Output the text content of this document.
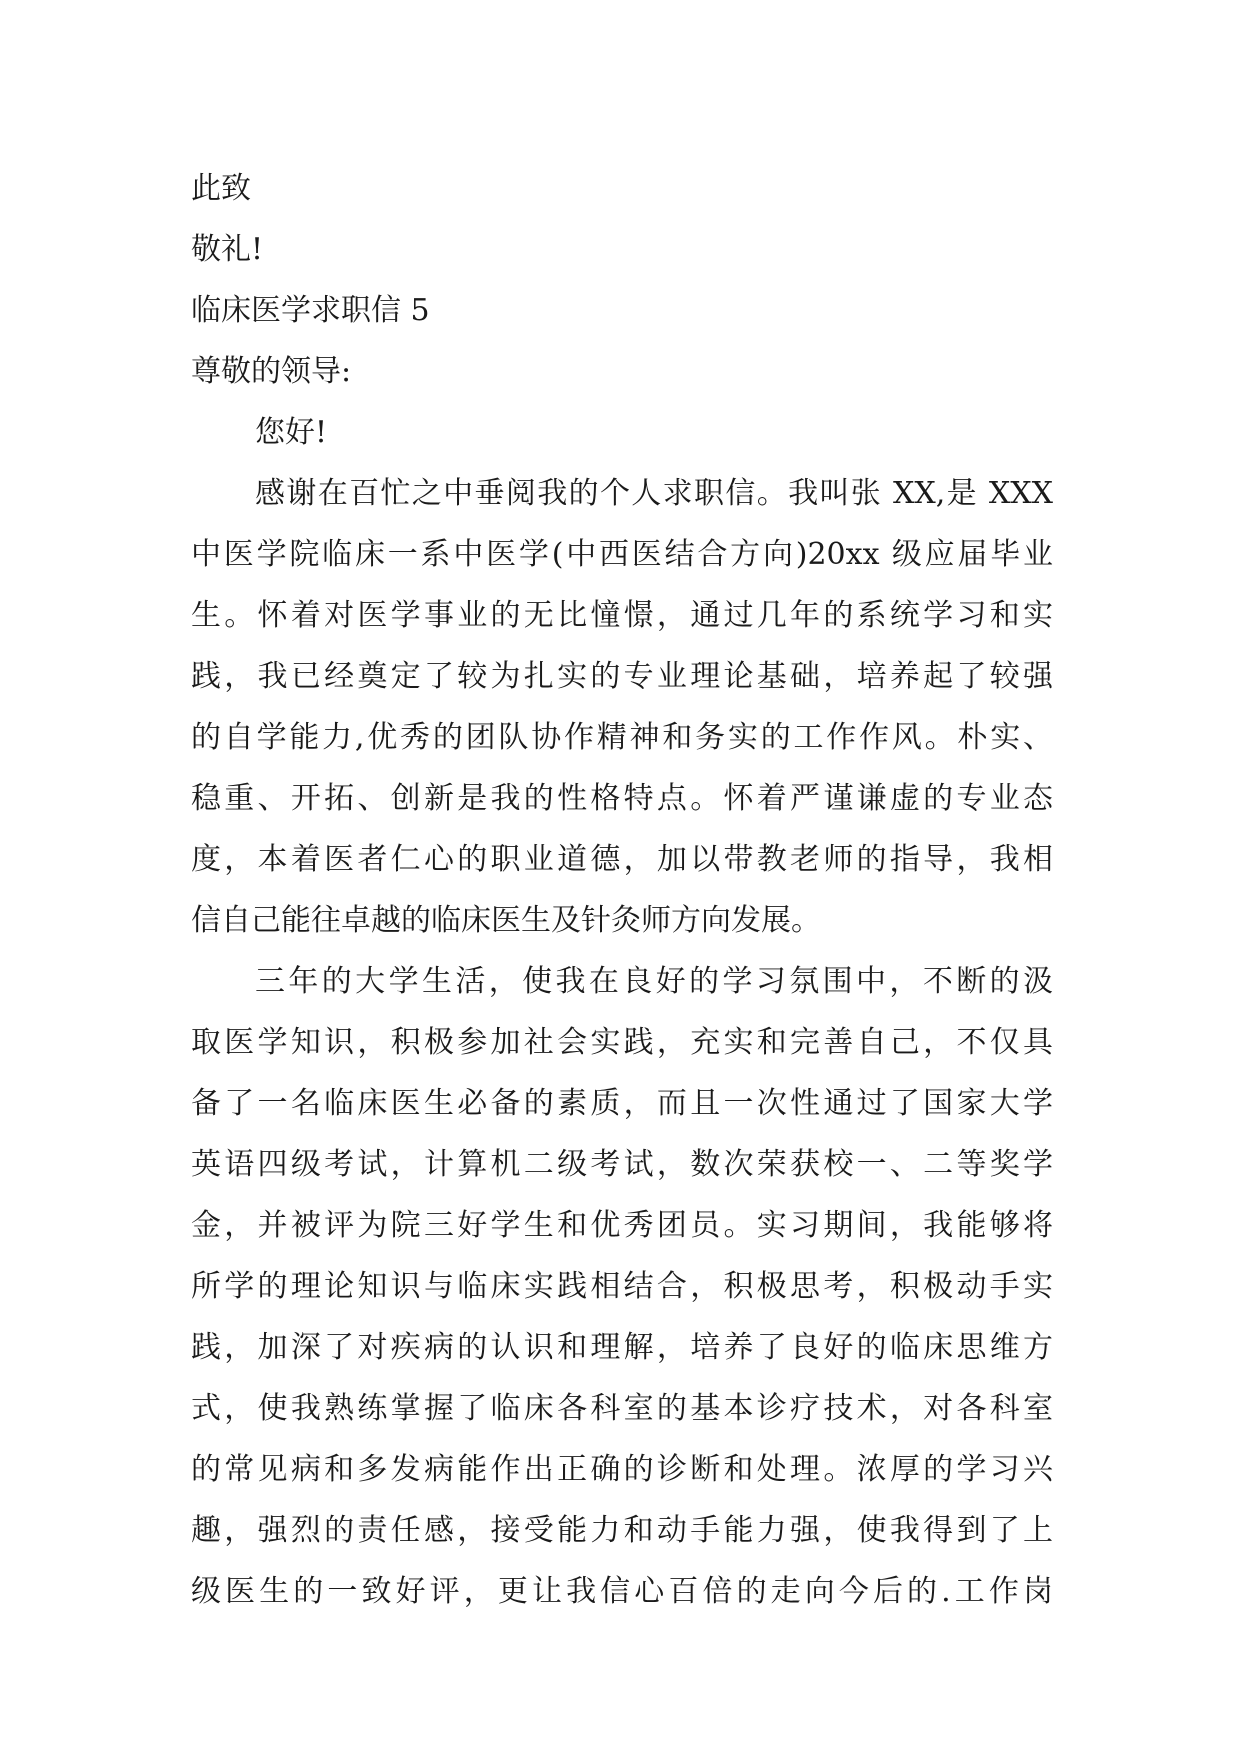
此致
敬礼!
临床医学求职信 5
尊敬的领导:
您好!
感谢在百忙之中垂阅我的个人求职信。我叫张 XX,是 XXX
中医学院临床一系中医学(中西医结合方向)20xx 级应届毕业
生。怀着对医学事业的无比憧憬，通过几年的系统学习和实
践，我已经奠定了较为扎实的专业理论基础，培养起了较强
的自学能力,优秀的团队协作精神和务实的工作作风。朴实、
稳重、开拓、创新是我的性格特点。怀着严谨谦虚的专业态
度，本着医者仁心的职业道德，加以带教老师的指导，我相
信自己能往卓越的临床医生及针灸师方向发展。
三年的大学生活，使我在良好的学习氛围中，不断的汲
取医学知识，积极参加社会实践，充实和完善自己，不仅具
备了一名临床医生必备的素质，而且一次性通过了国家大学
英语四级考试，计算机二级考试，数次荣获校一、二等奖学
金，并被评为院三好学生和优秀团员。实习期间，我能够将
所学的理论知识与临床实践相结合，积极思考，积极动手实
践，加深了对疾病的认识和理解，培养了良好的临床思维方
式，使我熟练掌握了临床各科室的基本诊疗技术，对各科室
的常见病和多发病能作出正确的诊断和处理。浓厚的学习兴
趣，强烈的责任感，接受能力和动手能力强，使我得到了上
级医生的一致好评，更让我信心百倍的走向今后的.工作岗
